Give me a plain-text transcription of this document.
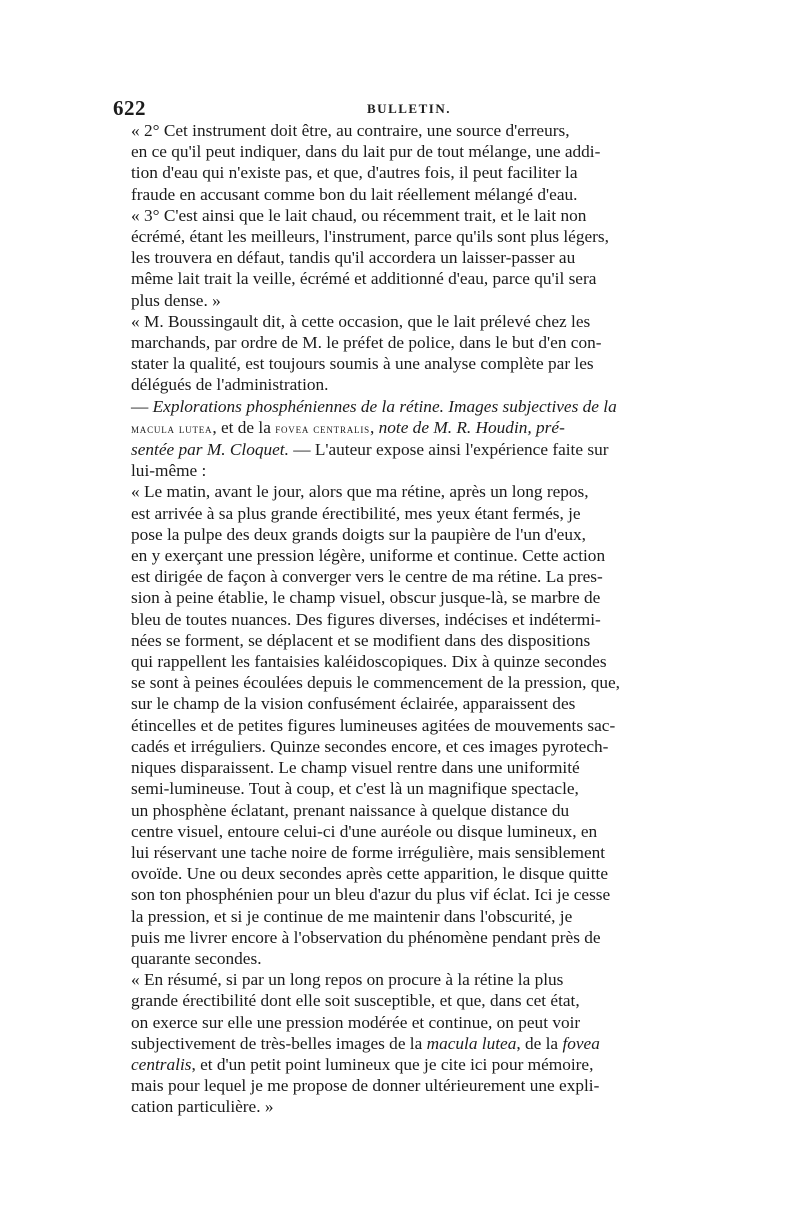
622	BULLETIN.

« 2° Cet instrument doit être, au contraire, une source d'erreurs,
en ce qu'il peut indiquer, dans du lait pur de tout mélange, une addi-
tion d'eau qui n'existe pas, et que, d'autres fois, il peut faciliter la
fraude en accusant comme bon du lait réellement mélangé d'eau.

« 3° C'est ainsi que le lait chaud, ou récemment trait, et le lait non
écrémé, étant les meilleurs, l'instrument, parce qu'ils sont plus légers,
les trouvera en défaut, tandis qu'il accordera un laisser-passer au
même lait trait la veille, écrémé et additionné d'eau, parce qu'il sera
plus dense. »

« M. Boussingault dit, à cette occasion, que le lait prélevé chez les
marchands, par ordre de M. le préfet de police, dans le but d'en con-
stater la qualité, est toujours soumis à une analyse complète par les
délégués de l'administration.

— Explorations phosphéniennes de la rétine. Images subjectives de la
macula lutea, et de la fovea centralis, note de M. R. Houdin, pré-
sentée par M. Cloquet. — L'auteur expose ainsi l'expérience faite sur
lui-même :

« Le matin, avant le jour, alors que ma rétine, après un long repos,
est arrivée à sa plus grande érectibilité, mes yeux étant fermés, je
pose la pulpe des deux grands doigts sur la paupière de l'un d'eux,
en y exerçant une pression légère, uniforme et continue. Cette action
est dirigée de façon à converger vers le centre de ma rétine. La pres-
sion à peine établie, le champ visuel, obscur jusque-là, se marbre de
bleu de toutes nuances. Des figures diverses, indécises et indétermi-
nées se forment, se déplacent et se modifient dans des dispositions
qui rappellent les fantaisies kaléidoscopiques. Dix à quinze secondes
se sont à peines écoulées depuis le commencement de la pression, que,
sur le champ de la vision confusément éclairée, apparaissent des
étincelles et de petites figures lumineuses agitées de mouvements sac-
cadés et irréguliers. Quinze secondes encore, et ces images pyrotech-
niques disparaissent. Le champ visuel rentre dans une uniformité
semi-lumineuse. Tout à coup, et c'est là un magnifique spectacle,
un phosphène éclatant, prenant naissance à quelque distance du
centre visuel, entoure celui-ci d'une auréole ou disque lumineux, en
lui réservant une tache noire de forme irrégulière, mais sensiblement
ovoïde. Une ou deux secondes après cette apparition, le disque quitte
son ton phosphénien pour un bleu d'azur du plus vif éclat. Ici je cesse
la pression, et si je continue de me maintenir dans l'obscurité, je
puis me livrer encore à l'observation du phénomène pendant près de
quarante secondes.

« En résumé, si par un long repos on procure à la rétine la plus
grande érectibilité dont elle soit susceptible, et que, dans cet état,
on exerce sur elle une pression modérée et continue, on peut voir
subjectivement de très-belles images de la macula lutea, de la fovea
centralis, et d'un petit point lumineux que je cite ici pour mémoire,
mais pour lequel je me propose de donner ultérieurement une expli-
cation particulière. »
